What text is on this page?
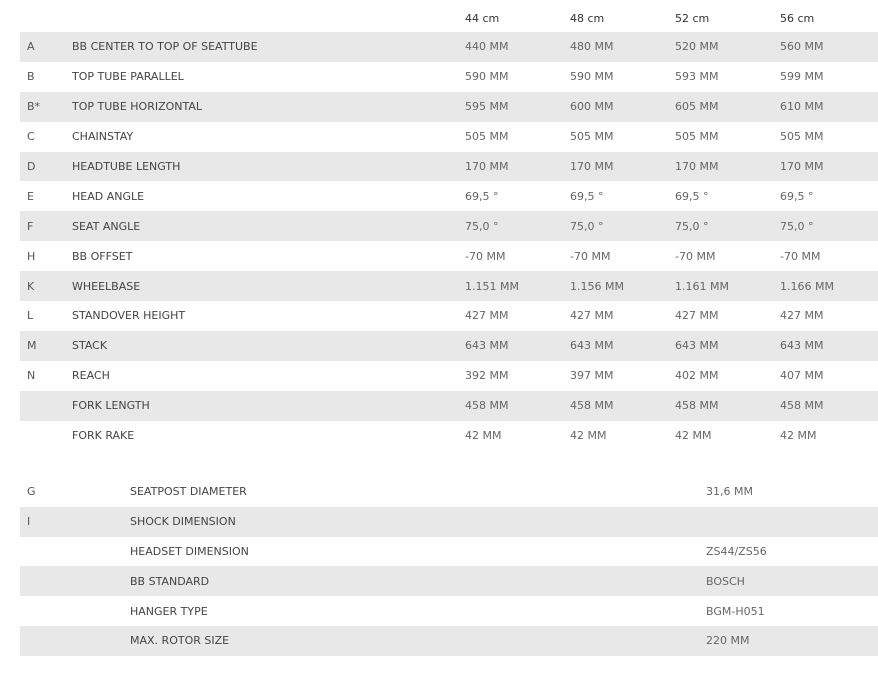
		44 cm	48 cm	52 cm	56 cm
A	BB CENTER TO TOP OF SEATTUBE	440 MM	480 MM	520 MM	560 MM
B	TOP TUBE PARALLEL	590 MM	590 MM	593 MM	599 MM
B*	TOP TUBE HORIZONTAL	595 MM	600 MM	605 MM	610 MM
C	CHAINSTAY	505 MM	505 MM	505 MM	505 MM
D	HEADTUBE LENGTH	170 MM	170 MM	170 MM	170 MM
E	HEAD ANGLE	69,5 °	69,5 °	69,5 °	69,5 °
F	SEAT ANGLE	75,0 °	75,0 °	75,0 °	75,0 °
H	BB OFFSET	-70 MM	-70 MM	-70 MM	-70 MM
K	WHEELBASE	1.151 MM	1.156 MM	1.161 MM	1.166 MM
L	STANDOVER HEIGHT	427 MM	427 MM	427 MM	427 MM
M	STACK	643 MM	643 MM	643 MM	643 MM
N	REACH	392 MM	397 MM	402 MM	407 MM
	FORK LENGTH	458 MM	458 MM	458 MM	458 MM
	FORK RAKE	42 MM	42 MM	42 MM	42 MM
G	SEATPOST DIAMETER	31,6 MM
I	SHOCK DIMENSION	
	HEADSET DIMENSION	ZS44/ZS56
	BB STANDARD	BOSCH
	HANGER TYPE	BGM-H051
	MAX. ROTOR SIZE	220 MM
